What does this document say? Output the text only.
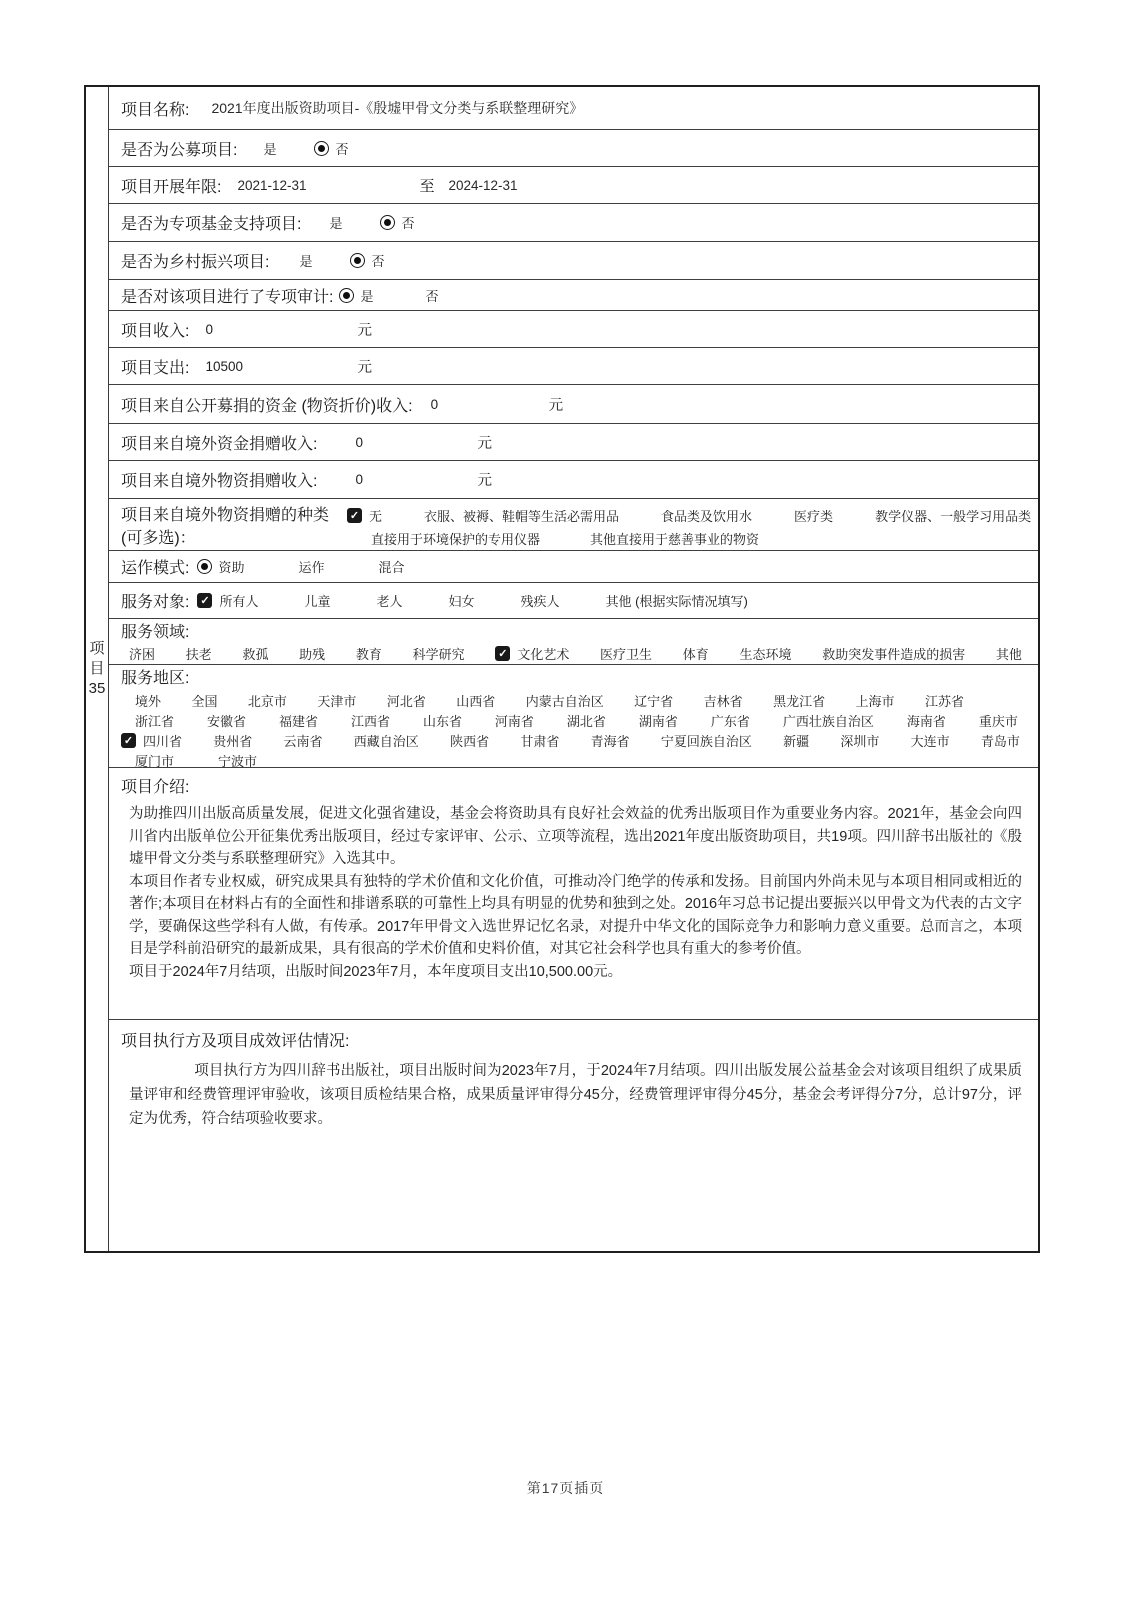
项
目
35
项目名称: 2021年度出版资助项目-《殷墟甲骨文分类与系联整理研究》
是否为公募项目: 是	否
项目开展年限: 2021-12-31	至 2024-12-31
是否为专项基金支持项目: 是	否
是否为乡村振兴项目: 是	否
是否对该项目进行了专项审计: 是	否
项目收入: 0	元
项目支出: 10500	元
项目来自公开募捐的资金 (物资折价)收入: 0	元
项目来自境外资金捐赠收入:	0	元
项目来自境外物资捐赠收入:	0	元
项目来自境外物资捐赠的种类
(可多选)：
✓ 无	衣服、被褥、鞋帽等生活必需用品	食品类及饮用水	医疗类	教学仪器、一般学习用品类
直接用于环境保护的专用仪器	其他直接用于慈善事业的物资
运作模式: 资助	运作	混合
服务对象: ✓ 所有人	儿童	老人	妇女	残疾人	其他 (根据实际情况填写)
服务领域:
济困 扶老 救孤 助残 教育 科学研究	✓ 文化艺术 医疗卫生 体育 生态环境 救助突发事件造成的损害 其他
服务地区:
境外 全国 北京市 天津市 河北省 山西省 内蒙古自治区 辽宁省 吉林省 黑龙江省 上海市 江苏省
浙江省	安徽省	福建省	江西省	山东省	河南省	湖北省	湖南省	广东省	广西壮族自治区	海南省	重庆市
✓ 四川省 贵州省 云南省 西藏自治区 陕西省 甘肃省 青海省 宁夏回族自治区 新疆 深圳市 大连市 青岛市
厦门市	宁波市
项目介绍:

为助推四川出版高质量发展，促进文化强省建设，基金会将资助具有良好社会效益的优秀出版项目作为重要业务内容。2021年，基金会向四川省内出版单位公开征集优秀出版项目，经过专家评审、公示、立项等流程，选出2021年度出版资助项目，共19项。四川辞书出版社的《殷墟甲骨文分类与系联整理研究》入选其中。

本项目作者专业权威，研究成果具有独特的学术价值和文化价值，可推动冷门绝学的传承和发扬。目前国内外尚未见与本项目相同或相近的著作;本项目在材料占有的全面性和排谱系联的可靠性上均具有明显的优势和独到之处。2016年习总书记提出要振兴以甲骨文为代表的古文字学，要确保这些学科有人做，有传承。2017年甲骨文入选世界记忆名录，对提升中华文化的国际竞争力和影响力意义重要。总而言之，本项目是学科前沿研究的最新成果，具有很高的学术价值和史料价值，对其它社会科学也具有重大的参考价值。

项目于2024年7月结项，出版时间2023年7月，本年度项目支出10,500.00元。

项目执行方及项目成效评估情况:

项目执行方为四川辞书出版社，项目出版时间为2023年7月，于2024年7月结项。四川出版发展公益基金会对该项目组织了成果质量评审和经费管理评审验收，该项目质检结果合格，成果质量评审得分45分，经费管理评审得分45分，基金会考评得分7分，总计97分，评定为优秀，符合结项验收要求。

第17页插页
